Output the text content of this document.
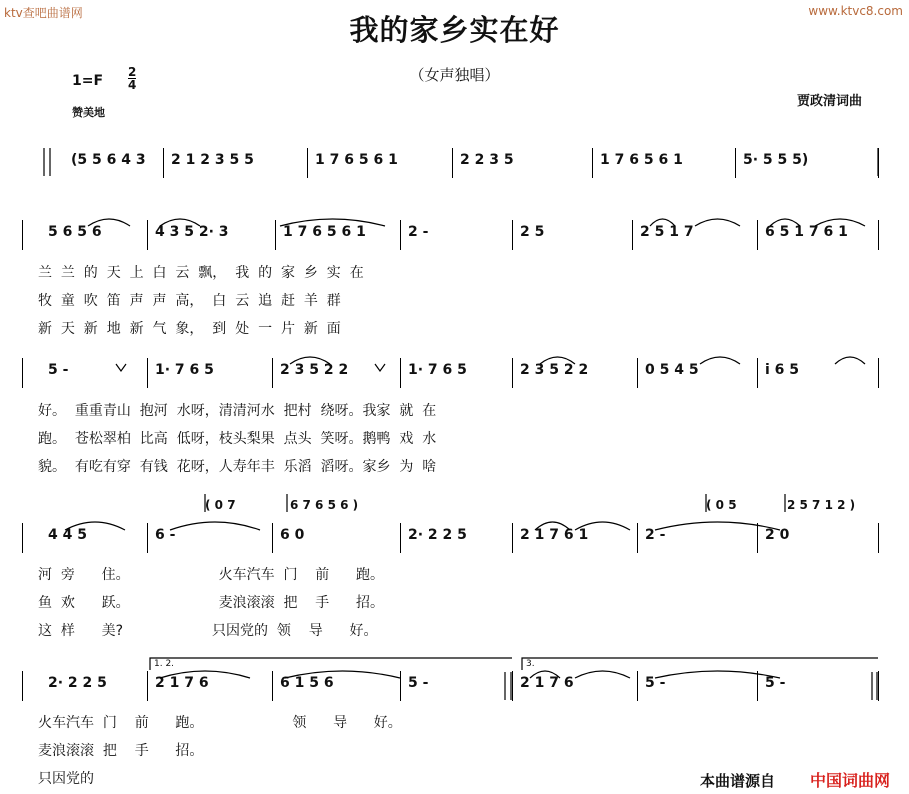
ktv查吧曲谱网	www.ktvc8.com
我的家乡实在好
（女声独唱）
$1=F \frac{2}{4}$
赞美地
贾政清词曲
(5 5 6 4 3 2 1 2 3 5 5	1 7 6 5 6 1	2 2 3 5	1 7 6 5 6 1	5· 5 5 5)
5 6 5 6	4 3 5 2· 3	1 7 6 5 6 1	2 -	2 5	2 5 1 7	6 5 1 7 6 1
兰  兰  的  天  上  白  云  飘，  我  的  家  乡  实  在
牧  童  吹  笛  声  声  高，  白  云  追  赶  羊  群
新  天  新  地  新  气  象，  到  处  一  片  新  面
5 -	1· 7 6 5	2 3 5 2 2	1· 7 6 5	2 3 5 2 2	0 5 4 5	i 6 5
好。  重重青山  抱河  水呀，清清河水  把村  绕呀。我家  就  在
跑。  苍松翠柏  比高  低呀，枝头梨果  点头  笑呀。鹅鸭  戏  水
貌。  有吃有穿  有钱  花呀，人寿年丰  乐滔  滔呀。家乡  为  啥
4 4 5	6 -	6 0	2· 2 2 5	2 1 7 6 1	2 -	2 0
河  旁      住。                    火车汽车  门    前      跑。
鱼  欢      跃。                    麦浪滚滚  把    手      招。
这  样      美?                    只因党的  领    导      好。
( 0 7	6 7 6 5 6 )	( 0 5	2 5 7 1 2 )
2· 2 2 5	2 1 7 6	6 1 5 6	5 -	2 1 7 6	5 -	5 -
火车汽车  门    前      跑。                    领      导      好。
麦浪滚滚  把    手      招。
只因党的
1. 2.	3.
本曲谱源自 中国词曲网
